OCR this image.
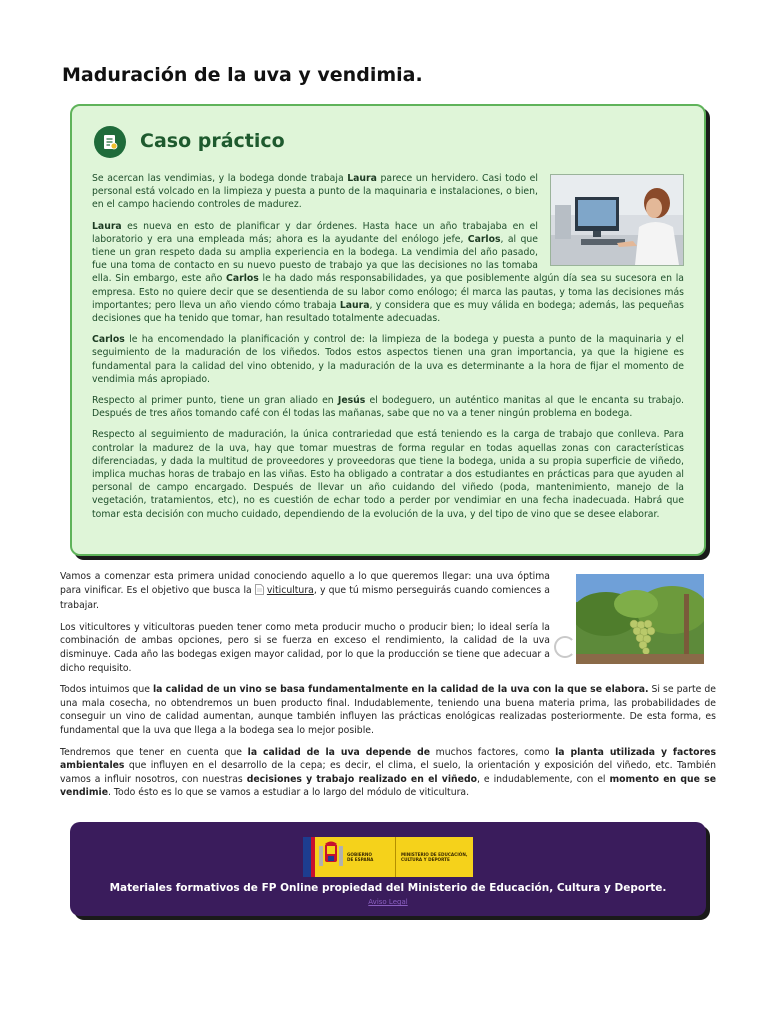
Maduración de la uva y vendimia.
Caso práctico

Se acercan las vendimias, y la bodega donde trabaja Laura parece un hervidero. Casi todo el personal está volcado en la limpieza y puesta a punto de la maquinaria e instalaciones, o bien, en el campo haciendo controles de madurez.

Laura es nueva en esto de planificar y dar órdenes. Hasta hace un año trabajaba en el laboratorio y era una empleada más; ahora es la ayudante del enólogo jefe, Carlos, al que tiene un gran respeto dada su amplia experiencia en la bodega. La vendimia del año pasado, fue una toma de contacto en su nuevo puesto de trabajo ya que las decisiones no las tomaba ella. Sin embargo, este año Carlos le ha dado más responsabilidades, ya que posiblemente algún día sea su sucesora en la empresa. Esto no quiere decir que se desentienda de su labor como enólogo; él marca las pautas, y toma las decisiones más importantes; pero lleva un año viendo cómo trabaja Laura, y considera que es muy válida en bodega; además, las pequeñas decisiones que ha tenido que tomar, han resultado totalmente adecuadas.

Carlos le ha encomendado la planificación y control de: la limpieza de la bodega y puesta a punto de la maquinaria y el seguimiento de la maduración de los viñedos. Todos estos aspectos tienen una gran importancia, ya que la higiene es fundamental para la calidad del vino obtenido, y la maduración de la uva es determinante a la hora de fijar el momento de vendimia más apropiado.

Respecto al primer punto, tiene un gran aliado en Jesús el bodeguero, un auténtico manitas al que le encanta su trabajo. Después de tres años tomando café con él todas las mañanas, sabe que no va a tener ningún problema en bodega.

Respecto al seguimiento de maduración, la única contrariedad que está teniendo es la carga de trabajo que conlleva. Para controlar la madurez de la uva, hay que tomar muestras de forma regular en todas aquellas zonas con características diferenciadas, y dada la multitud de proveedores y proveedoras que tiene la bodega, unida a su propia superficie de viñedo, implica muchas horas de trabajo en las viñas. Esto ha obligado a contratar a dos estudiantes en prácticas para que ayuden al personal de campo encargado. Después de llevar un año cuidando del viñedo (poda, mantenimiento, manejo de la vegetación, tratamientos, etc), no es cuestión de echar todo a perder por vendimiar en una fecha inadecuada. Habrá que tomar esta decisión con mucho cuidado, dependiendo de la evolución de la uva, y del tipo de vino que se desee elaborar.

Vamos a comenzar esta primera unidad conociendo aquello a lo que queremos llegar: una uva óptima para vinificar. Es el objetivo que busca la viticultura, y que tú mismo perseguirás cuando comiences a trabajar.

Los viticultores y viticultoras pueden tener como meta producir mucho o producir bien; lo ideal sería la combinación de ambas opciones, pero si se fuerza en exceso el rendimiento, la calidad de la uva disminuye. Cada año las bodegas exigen mayor calidad, por lo que la producción se tiene que adecuar a dicho requisito.

Todos intuimos que la calidad de un vino se basa fundamentalmente en la calidad de la uva con la que se elabora. Si se parte de una mala cosecha, no obtendremos un buen producto final. Indudablemente, teniendo una buena materia prima, las probabilidades de conseguir un vino de calidad aumentan, aunque también influyen las prácticas enológicas realizadas posteriormente. De esta forma, es fundamental que la uva que llega a la bodega sea lo mejor posible.

Tendremos que tener en cuenta que la calidad de la uva depende de muchos factores, como la planta utilizada y factores ambientales que influyen en el desarrollo de la cepa; es decir, el clima, el suelo, la orientación y exposición del viñedo, etc. También vamos a influir nosotros, con nuestras decisiones y trabajo realizado en el viñedo, e indudablemente, con el momento en que se vendimie. Todo ésto es lo que se vamos a estudiar a lo largo del módulo de viticultura.

GOBIERNO DE ESPAÑA
MINISTERIO DE EDUCACIÓN, CULTURA Y DEPORTE

Materiales formativos de FP Online propiedad del Ministerio de Educación, Cultura y Deporte.

Aviso Legal
